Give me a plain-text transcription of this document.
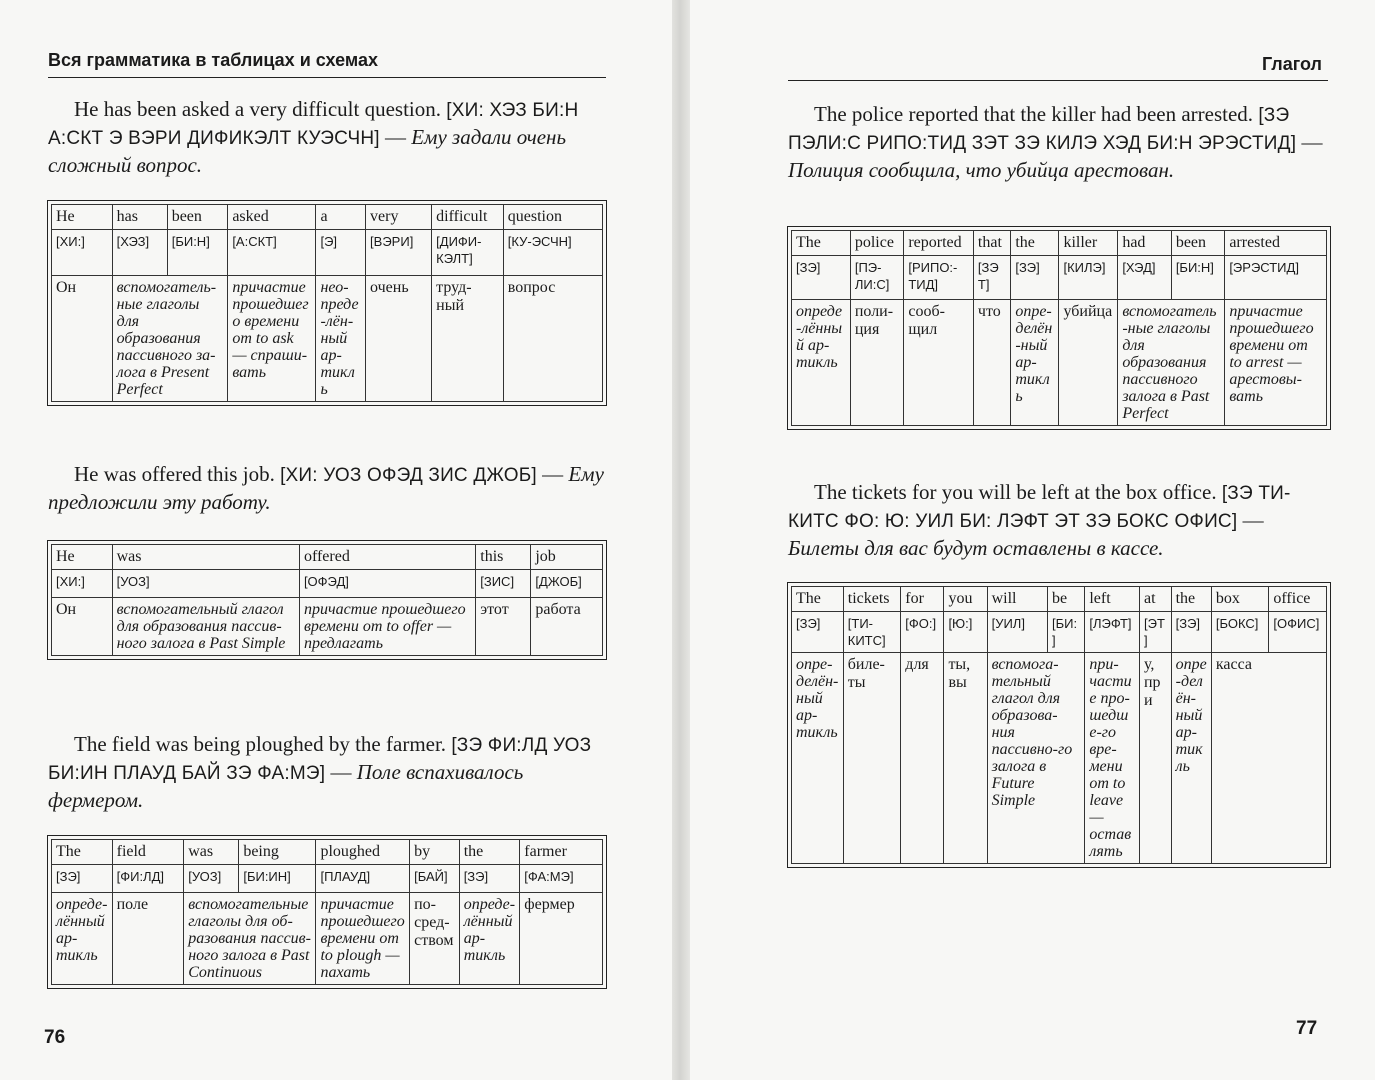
Вся грамматика в таблицах и схемах
He has been asked a very difficult question. [ХИ: ХЭЗ БИ:Н А:СКТ Э ВЭРИ ДИФИКЭЛТ КУЭСЧН] — Ему задали очень сложный вопрос.
He	has	been	asked	a	very	difficult	question
[ХИ:]	[ХЭЗ]	[БИ:Н]	[А:СКТ]	[Э]	[ВЭРИ]	[ДИФИ-КЭЛТ]	[КУ-ЭСЧН]
Он	вспомогатель-ные глаголы для образования пассивного за-лога в Present Perfect		причастие прошедшего времени от to ask — спраши-вать	нео-преде-лён-ный ар-тикль	очень	труд-ный	вопрос
He was offered this job. [ХИ: УОЗ ОФЭД ЗИС ДЖОБ] — Ему предложили эту работу.
He	was	offered	this	job
[ХИ:]	[УОЗ]	[ОФЭД]	[ЗИС]	[ДЖОБ]
Он	вспомогательный глагол для образования пассив-ного залога в Past Simple	причастие прошедшего времени от to offer — предлагать	этот	работа
The field was being ploughed by the farmer. [ЗЭ ФИ:ЛД УОЗ БИ:ИН ПЛАУД БАЙ ЗЭ ФА:МЭ] — Поле вспахивалось фермером.
The	field	was	being	ploughed	by	the	farmer
[ЗЭ]	[ФИ:ЛД]	[УОЗ]	[БИ:ИН]	[ПЛАУД]	[БАЙ]	[ЗЭ]	[ФА:МЭ]
опреде-лённый ар-тикль	поле	вспомогательные глаголы для об-разования пассив-ного залога в Past Continuous		причастие прошедшего времени от to plough — пахать	по-сред-ством	опреде-лённый ар-тикль	фермер
76
Глагол
The police reported that the killer had been arrested. [ЗЭ ПЭЛИ:С РИПО:ТИД ЗЭТ ЗЭ КИЛЭ ХЭД БИ:Н ЭРЭСТИД] — Полиция сообщила, что убийца арестован.
The	police	reported	that	the	killer	had	been	arrested
[ЗЭ]	[ПЭ-ЛИ:С]	[РИПО:-ТИД]	[ЗЭТ]	[ЗЭ]	[КИЛЭ]	[ХЭД]	[БИ:Н]	[ЭРЭСТИД]
опреде-лённый ар-тикль	поли-ция	сооб-щил	что	опре-делён-ный ар-тикль	убийца	вспомогатель-ные глаголы для образования пассивного залога в Past Perfect		причастие прошедшего времени от to arrest — арестовы-вать
The tickets for you will be left at the box office. [ЗЭ ТИ-КИТС ФО: Ю: УИЛ БИ: ЛЭФТ ЭТ ЗЭ БОКС ОФИС] — Билеты для вас будут оставлены в кассе.
The	tickets	for	you	will	be	left	at	the	box	office
[ЗЭ]	[ТИ-КИТС]	[ФО:]	[Ю:]	[УИЛ]	[БИ:]	[ЛЭФТ]	[ЭТ]	[ЗЭ]	[БОКС]	[ОФИС]
опре-делён-ный ар-тикль	биле-ты	для	ты, вы	вспомога-тельный глагол для образова-ния пассивно-го залога в Future Simple		при-частие про-шедше-го вре-мени от to leave — оставлять	у, при	опре-делён-ный ар-тикль	касса	
77
